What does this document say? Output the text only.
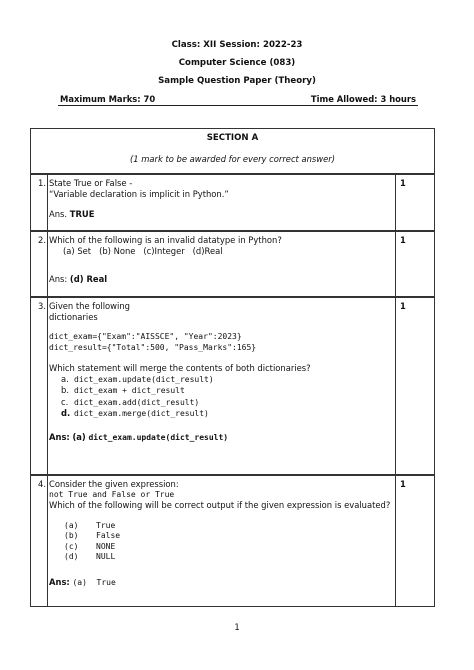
Class: XII Session: 2022-23
Computer Science (083)
Sample Question Paper (Theory)
Maximum Marks: 70	Time Allowed: 3 hours
SECTION A
(1 mark to be awarded for every correct answer)
1. State True or False -
“Variable declaration is implicit in Python.”
Ans. TRUE
1
2. Which of the following is an invalid datatype in Python?
(a) Set   (b) None   (c)Integer   (d)Real
Ans: (d) Real
1
3. Given the following
dictionaries
dict_exam={"Exam":"AISSCE", "Year":2023}
dict_result={"Total":500, "Pass_Marks":165}
Which statement will merge the contents of both dictionaries?
a. dict_exam.update(dict_result)
b. dict_exam + dict_result
c. dict_exam.add(dict_result)
d. dict_exam.merge(dict_result)
Ans: (a) dict_exam.update(dict_result)
1
4. Consider the given expression:
not True and False or True
Which of the following will be correct output if the given expression is evaluated?
(a) True
(b) False
(c) NONE
(d) NULL
Ans: (a)  True
1
1
